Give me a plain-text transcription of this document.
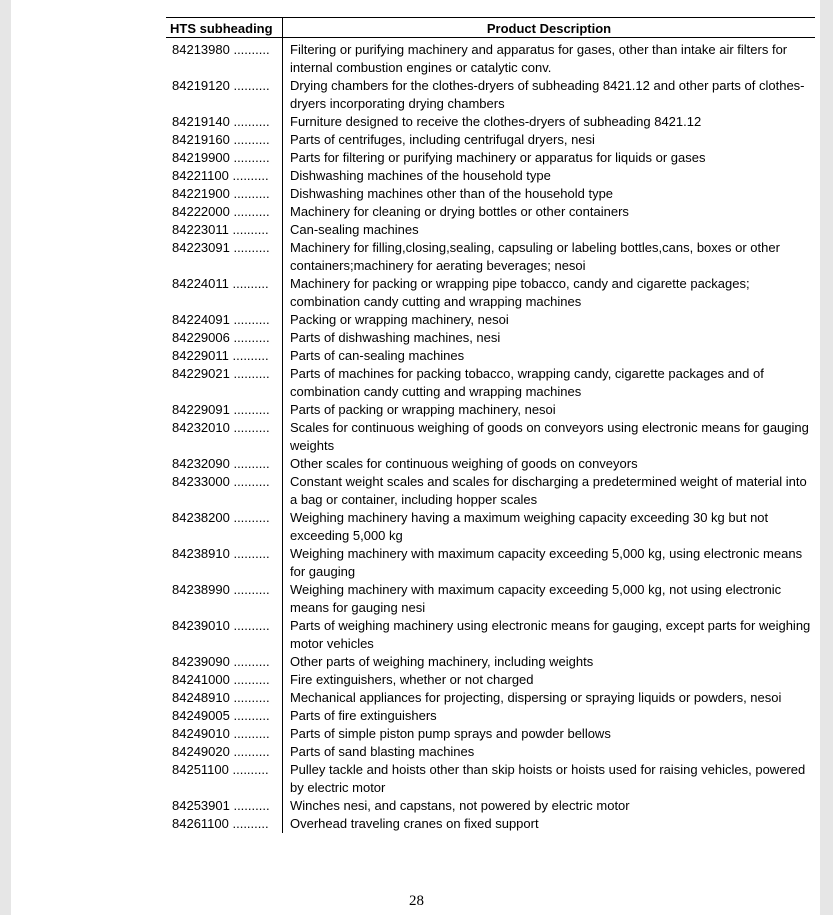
HTS subheading	Product Description
84213980 ..........	Filtering or purifying machinery and apparatus for gases, other than intake air filters for internal combustion engines or catalytic conv.
84219120 ..........	Drying chambers for the clothes-dryers of subheading 8421.12 and other parts of clothes-dryers incorporating drying chambers
84219140 ..........	Furniture designed to receive the clothes-dryers of subheading 8421.12
84219160 ..........	Parts of centrifuges, including centrifugal dryers, nesi
84219900 ..........	Parts for filtering or purifying machinery or apparatus for liquids or gases
84221100 ..........	Dishwashing machines of the household type
84221900 ..........	Dishwashing machines other than of the household type
84222000 ..........	Machinery for cleaning or drying bottles or other containers
84223011 ..........	Can-sealing machines
84223091 ..........	Machinery for filling,closing,sealing, capsuling or labeling bottles,cans, boxes or other containers;machinery for aerating beverages; nesoi
84224011 ..........	Machinery for packing or wrapping pipe tobacco, candy and cigarette packages; combination candy cutting and wrapping machines
84224091 ..........	Packing or wrapping machinery, nesoi
84229006 ..........	Parts of dishwashing machines, nesi
84229011 ..........	Parts of can-sealing machines
84229021 ..........	Parts of machines for packing tobacco, wrapping candy, cigarette packages and of combination candy cutting and wrapping machines
84229091 ..........	Parts of packing or wrapping machinery, nesoi
84232010 ..........	Scales for continuous weighing of goods on conveyors using electronic means for gauging weights
84232090 ..........	Other scales for continuous weighing of goods on conveyors
84233000 ..........	Constant weight scales and scales for discharging a predetermined weight of material into a bag or container, including hopper scales
84238200 ..........	Weighing machinery having a maximum weighing capacity exceeding 30 kg but not exceeding 5,000 kg
84238910 ..........	Weighing machinery with maximum capacity exceeding 5,000 kg, using electronic means for gauging
84238990 ..........	Weighing machinery with maximum capacity exceeding 5,000 kg, not using electronic means for gauging nesi
84239010 ..........	Parts of weighing machinery using electronic means for gauging, except parts for weighing motor vehicles
84239090 ..........	Other parts of weighing machinery, including weights
84241000 ..........	Fire extinguishers, whether or not charged
84248910 ..........	Mechanical appliances for projecting, dispersing or spraying liquids or powders, nesoi
84249005 ..........	Parts of fire extinguishers
84249010 ..........	Parts of simple piston pump sprays and powder bellows
84249020 ..........	Parts of sand blasting machines
84251100 ..........	Pulley tackle and hoists other than skip hoists or hoists used for raising vehicles, powered by electric motor
84253901 ..........	Winches nesi, and capstans, not powered by electric motor
84261100 ..........	Overhead traveling cranes on fixed support
28
